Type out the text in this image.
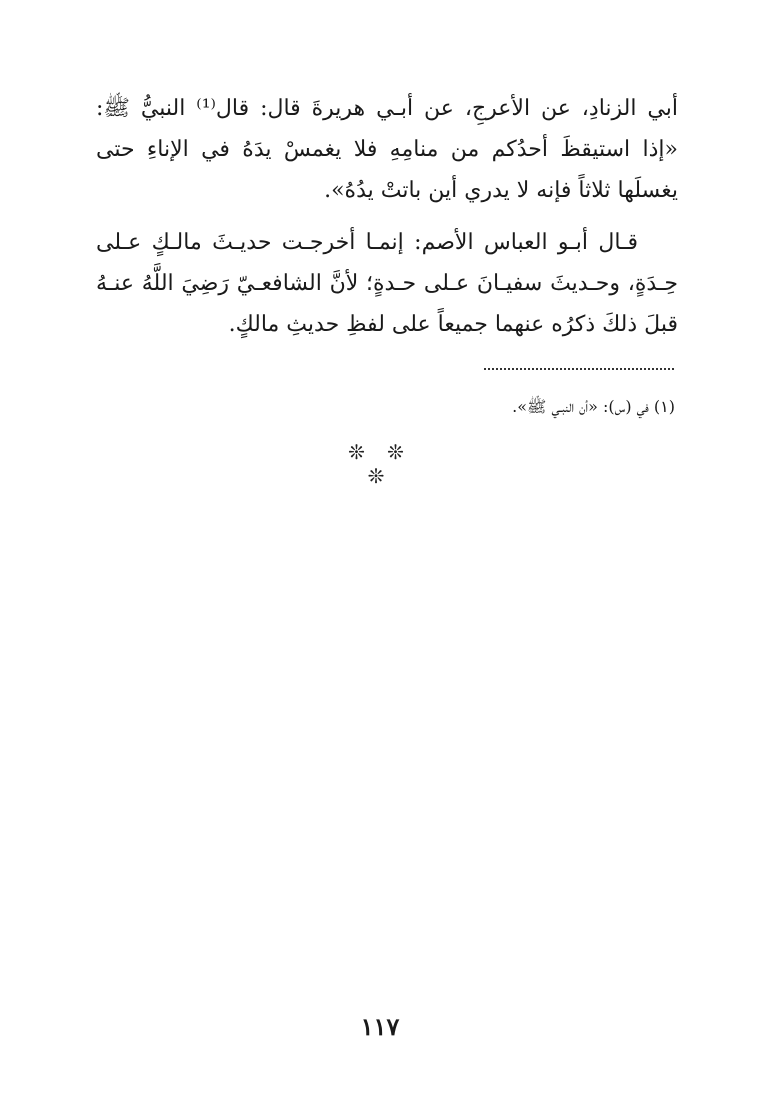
أبي الزنادِ، عن الأعرجِ، عن أبـي هريرةَ قال: قال⁽¹⁾ النبيُّ ﷺ: «إذا استيقظَ أحدُكم من منامِهِ فلا يغمسْ يدَهُ في الإناءِ حتى يغسلَها ثلاثاً فإنه لا يدري أين باتتْ يدُهُ».

قـال أبـو العباس الأصم: إنمـا أخرجـت حديـثَ مالـكٍ عـلى حِـدَةٍ، وحـديثَ سفيـانَ عـلى حـدةٍ؛ لأنَّ الشافعـيّ رَضِيَ اللَّهُ عنـهُ قبلَ ذلكَ ذكرُه عنهما جميعاً على لفظِ حديثِ مالكٍ.

(١) في (س): «أن النبـي ﷺ».

❊ ❊ ❊

١١٧
